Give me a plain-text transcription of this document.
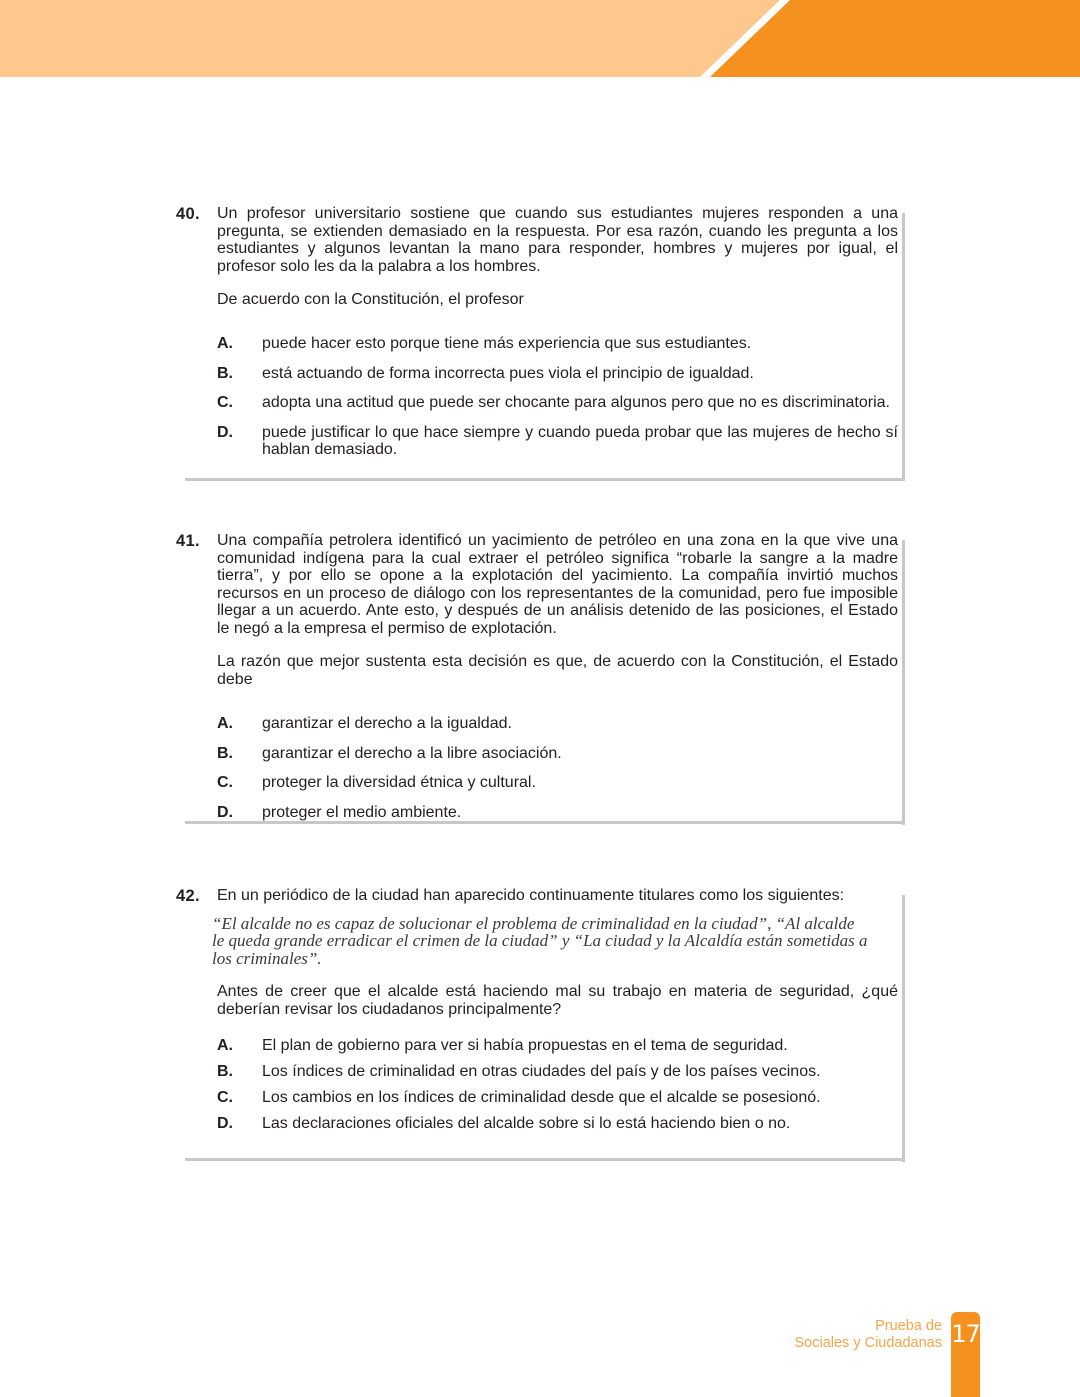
40. Un profesor universitario sostiene que cuando sus estudiantes mujeres responden a una pregunta, se extienden demasiado en la respuesta. Por esa razón, cuando les pregunta a los estudiantes y algunos levantan la mano para responder, hombres y mujeres por igual, el profesor solo les da la palabra a los hombres.
De acuerdo con la Constitución, el profesor
A. puede hacer esto porque tiene más experiencia que sus estudiantes.
B. está actuando de forma incorrecta pues viola el principio de igualdad.
C. adopta una actitud que puede ser chocante para algunos pero que no es discriminatoria.
D. puede justificar lo que hace siempre y cuando pueda probar que las mujeres de hecho sí hablan demasiado.
41. Una compañía petrolera identificó un yacimiento de petróleo en una zona en la que vive una comunidad indígena para la cual extraer el petróleo significa “robarle la sangre a la madre tierra”, y por ello se opone a la explotación del yacimiento. La compañía invirtió muchos recursos en un proceso de diálogo con los representantes de la comunidad, pero fue imposible llegar a un acuerdo. Ante esto, y después de un análisis detenido de las posiciones, el Estado le negó a la empresa el permiso de explotación.
La razón que mejor sustenta esta decisión es que, de acuerdo con la Constitución, el Estado debe
A. garantizar el derecho a la igualdad.
B. garantizar el derecho a la libre asociación.
C. proteger la diversidad étnica y cultural.
D. proteger el medio ambiente.
42. En un periódico de la ciudad han aparecido continuamente titulares como los siguientes:
“El alcalde no es capaz de solucionar el problema de criminalidad en la ciudad”, “Al alcalde le queda grande erradicar el crimen de la ciudad” y “La ciudad y la Alcaldía están sometidas a los criminales”.
Antes de creer que el alcalde está haciendo mal su trabajo en materia de seguridad, ¿qué deberían revisar los ciudadanos principalmente?
A. El plan de gobierno para ver si había propuestas en el tema de seguridad.
B. Los índices de criminalidad en otras ciudades del país y de los países vecinos.
C. Los cambios en los índices de criminalidad desde que el alcalde se posesionó.
D. Las declaraciones oficiales del alcalde sobre si lo está haciendo bien o no.
Prueba de
Sociales y Ciudadanas 17
